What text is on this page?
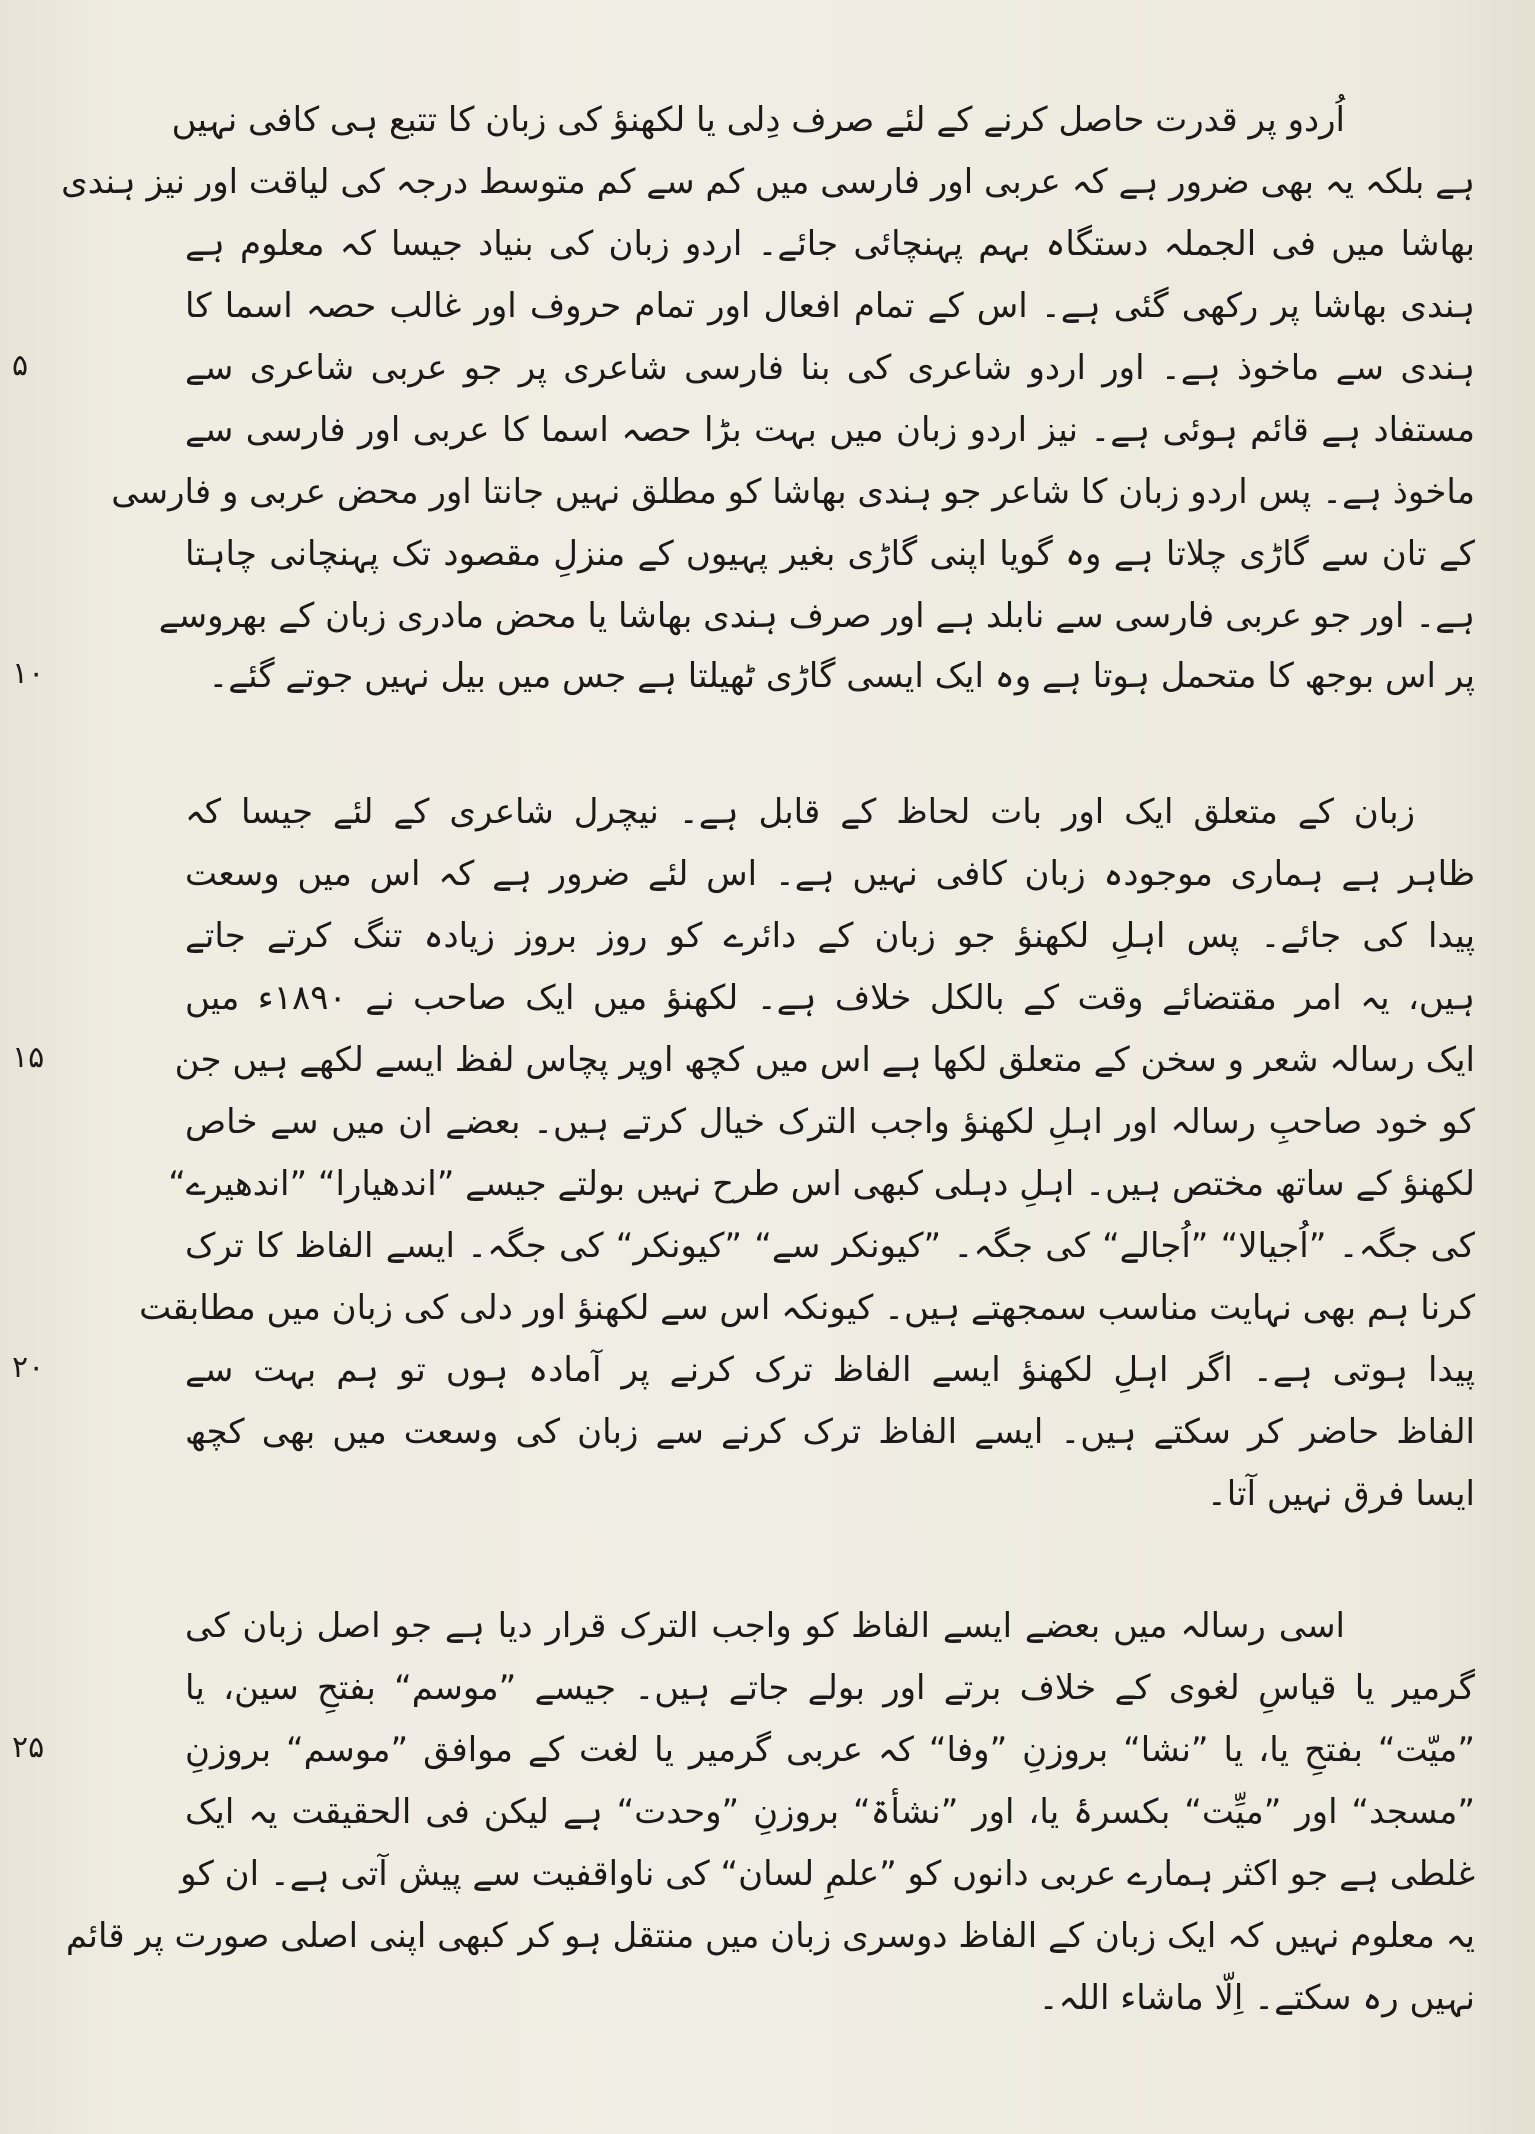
اُردو پر قدرت حاصل کرنے کے لئے صرف دِلی یا لکھنؤ کی زبان کا تتبع ہی کافی نہیں
ہے بلکہ یہ بھی ضرور ہے کہ عربی اور فارسی میں کم سے کم متوسط درجہ کی لیاقت اور نیز ہندی
بھاشا میں فی الجملہ دستگاہ بہم پہنچائی جائے۔ اردو زبان کی بنیاد جیسا کہ معلوم ہے
ہندی بھاشا پر رکھی گئی ہے۔ اس کے تمام افعال اور تمام حروف اور غالب حصہ اسما کا
ہندی سے ماخوذ ہے۔ اور اردو شاعری کی بنا فارسی شاعری پر جو عربی شاعری سے
مستفاد ہے قائم ہوئی ہے۔ نیز اردو زبان میں بہت بڑا حصہ اسما کا عربی اور فارسی سے
ماخوذ ہے۔ پس اردو زبان کا شاعر جو ہندی بھاشا کو مطلق نہیں جانتا اور محض عربی و فارسی
کے تان سے گاڑی چلاتا ہے وہ گویا اپنی گاڑی بغیر پہیوں کے منزلِ مقصود تک پہنچانی چاہتا
ہے۔ اور جو عربی فارسی سے نابلد ہے اور صرف ہندی بھاشا یا محض مادری زبان کے بھروسے
پر اس بوجھ کا متحمل ہوتا ہے وہ ایک ایسی گاڑی ٹھیلتا ہے جس میں بیل نہیں جوتے گئے۔
زبان کے متعلق ایک اور بات لحاظ کے قابل ہے۔ نیچرل شاعری کے لئے جیسا کہ
ظاہر ہے ہماری موجودہ زبان کافی نہیں ہے۔ اس لئے ضرور ہے کہ اس میں وسعت
پیدا کی جائے۔ پس اہلِ لکھنؤ جو زبان کے دائرے کو روز بروز زیادہ تنگ کرتے جاتے
ہیں، یہ امر مقتضائے وقت کے بالکل خلاف ہے۔ لکھنؤ میں ایک صاحب نے ۱۸۹۰ء میں
ایک رسالہ شعر و سخن کے متعلق لکھا ہے اس میں کچھ اوپر پچاس لفظ ایسے لکھے ہیں جن
کو خود صاحبِ رسالہ اور اہلِ لکھنؤ واجب الترک خیال کرتے ہیں۔ بعضے ان میں سے خاص
لکھنؤ کے ساتھ مختص ہیں۔ اہلِ دہلی کبھی اس طرح نہیں بولتے جیسے ”اندھیارا“ ”اندھیرے“
کی جگہ۔ ”اُجیالا“ ”اُجالے“ کی جگہ۔ ”کیونکر سے“ ”کیونکر“ کی جگہ۔ ایسے الفاظ کا ترک
کرنا ہم بھی نہایت مناسب سمجھتے ہیں۔ کیونکہ اس سے لکھنؤ اور دلی کی زبان میں مطابقت
پیدا ہوتی ہے۔ اگر اہلِ لکھنؤ ایسے الفاظ ترک کرنے پر آمادہ ہوں تو ہم بہت سے
الفاظ حاضر کر سکتے ہیں۔ ایسے الفاظ ترک کرنے سے زبان کی وسعت میں بھی کچھ
ایسا فرق نہیں آتا۔
اسی رسالہ میں بعضے ایسے الفاظ کو واجب الترک قرار دیا ہے جو اصل زبان کی
گرمیر یا قیاسِ لغوی کے خلاف برتے اور بولے جاتے ہیں۔ جیسے ”موسم“ بفتحِ سین، یا
”میّت“ بفتحِ یا، یا ”نشا“ بروزنِ ”وفا“ کہ عربی گرمیر یا لغت کے موافق ”موسم“ بروزنِ
”مسجد“ اور ”میِّت“ بکسرۂ یا، اور ”نشأۃ“ بروزنِ ”وحدت“ ہے لیکن فی الحقیقت یہ ایک
غلطی ہے جو اکثر ہمارے عربی دانوں کو ”علمِ لسان“ کی ناواقفیت سے پیش آتی ہے۔ ان کو
یہ معلوم نہیں کہ ایک زبان کے الفاظ دوسری زبان میں منتقل ہو کر کبھی اپنی اصلی صورت پر قائم
نہیں رہ سکتے۔ اِلّا ماشاء اللہ۔
۵
۱۰
۱۵
۲۰
۲۵
